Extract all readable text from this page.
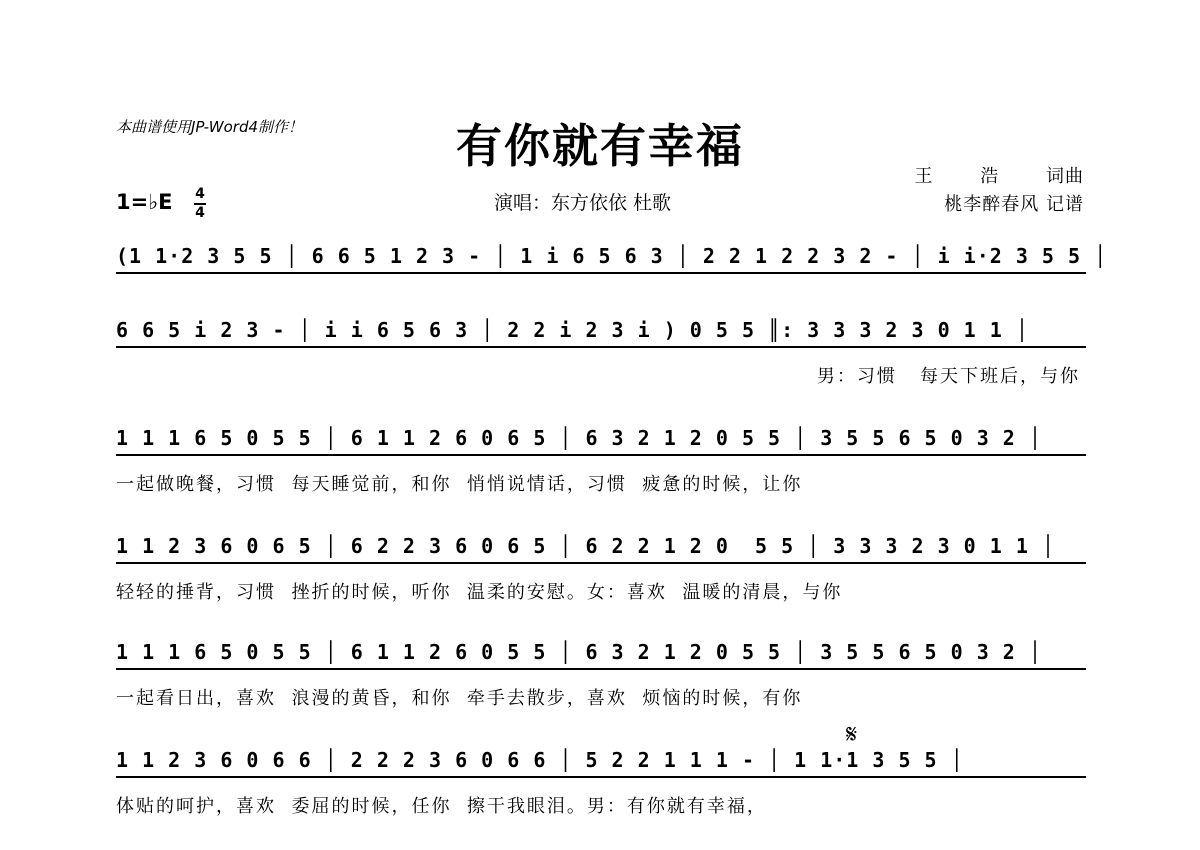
本曲谱使用JP-Word4制作！	有你就有幸福
王 浩 词曲
桃李醉春风 记谱
演唱：东方依依 杜歌
1=♭E 4
4
(1 1·2 3 5 5 │ 6 6 5 1 2 3 - │ 1 i 6 5 6 3 │ 2 2 1 2 2 3 2 - │ i i·2 3 5 5 │
6 6 5 i 2 3 - │ i i 6 5 6 3 │ 2 2 i 2 3 i ) 0 5 5 ║: 3 3 3 2 3 0 1 1 │
男：习惯   每天下班后，与你
1 1 1 6 5 0 5 5 │ 6 1 1 2 6 0 6 5 │ 6 3 2 1 2 0 5 5 │ 3 5 5 6 5 0 3 2 │
一起做晚餐，习惯  每天睡觉前，和你  悄悄说情话，习惯  疲惫的时候，让你
1 1 2 3 6 0 6 5 │ 6 2 2 3 6 0 6 5 │ 6 2 2 1 2 0  5 5 │ 3 3 3 2 3 0 1 1 │
轻轻的捶背，习惯  挫折的时候，听你  温柔的安慰。女：喜欢  温暖的清晨，与你
1 1 1 6 5 0 5 5 │ 6 1 1 2 6 0 5 5 │ 6 3 2 1 2 0 5 5 │ 3 5 5 6 5 0 3 2 │
一起看日出，喜欢  浪漫的黄昏，和你  牵手去散步，喜欢  烦恼的时候，有你
1 1 2 3 6 0 6 6 │ 2 2 2 3 6 0 6 6 │ 5 2 2 1 1 1 - │ 1 1·1 3 5 5 │
体贴的呵护，喜欢  委屈的时候，任你  擦干我眼泪。男：有你就有幸福，
𝄋
